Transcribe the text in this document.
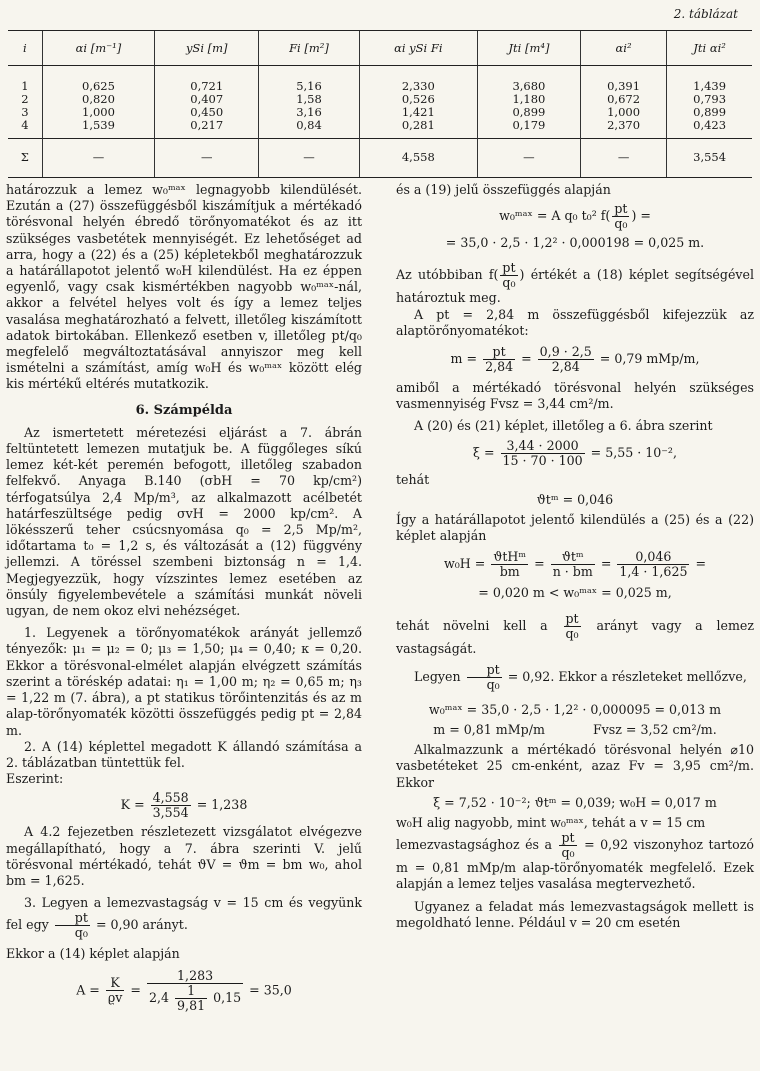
2. táblázat
i	αi [m⁻¹]	ySi [m]	Fi [m²]	αi ySi Fi	Jti [m⁴]	αi²	Jti αi²
1	0,625	0,721	5,16	2,330	3,680	0,391	1,439
2	0,820	0,407	1,58	0,526	1,180	0,672	0,793
3	1,000	0,450	3,16	1,421	0,899	1,000	0,899
4	1,539	0,217	0,84	0,281	0,179	2,370	0,423
Σ	—	—	—	4,558	—	—	3,554

határozzuk a lemez w₀ᵐᵃˣ legnagyobb kilendülését. Ezután a (27) összefüggésből kiszámítjuk a mértékadó törésvonal helyén ébredő törőnyomatékot és az itt szükséges vasbetétek mennyiségét. Ez lehetőséget ad arra, hogy a (22) és a (25) képletekből meghatározzuk a határállapotot jelentő w₀H kilendülést. Ha ez éppen egyenlő, vagy csak kismértékben nagyobb w₀ᵐᵃˣ-nál, akkor a felvétel helyes volt és így a lemez teljes vasalása meghatározható a felvett, illetőleg kiszámított adatok birtokában. Ellenkező esetben v, illetőleg pt/q₀ megfelelő megváltoztatásával annyiszor meg kell ismételni a számítást, amíg w₀H és w₀ᵐᵃˣ között elég kis mértékű eltérés mutatkozik.

6. Számpélda

Az ismertetett méretezési eljárást a 7. ábrán feltüntetett lemezen mutatjuk be. A függőleges síkú lemez két-két peremén befogott, illetőleg szabadon felfekvő. Anyaga B.140 (σbH = 70 kp/cm²) térfogatsúlya 2,4 Mp/m³, az alkalmazott acélbetét határfeszültsége pedig σvH = 2000 kp/cm². A lökésszerű teher csúcsnyomása q₀ = 2,5 Mp/m², időtartama t₀ = 1,2 s, és változását a (12) függvény jellemzi. A töréssel szembeni biztonság n = 1,4. Megjegyezzük, hogy vízszintes lemez esetében az önsúly figyelembevétele a számítási munkát növeli ugyan, de nem okoz elvi nehézséget.

1. Legyenek a törőnyomatékok arányát jellemző tényezők: μ₁ = μ₂ = 0; μ₃ = 1,50; μ₄ = 0,40; κ = 0,20. Ekkor a törésvonal-elmélet alapján elvégzett számítás szerint a töréskép adatai: η₁ = 1,00 m; η₂ = 0,65 m; η₃ = 1,22 m (7. ábra), a pt statikus törőintenzitás és az m alap-törőnyomaték közötti összefüggés pedig pt = 2,84 m.

2. A (14) képlettel megadott K állandó számítása a 2. táblázatban tüntettük fel.

Eszerint:

$K = \frac{4,558}{3,554} = 1,238$

A 4.2 fejezetben részletezett vizsgálatot elvégezve megállapítható, hogy a 7. ábra szerinti V. jelű törésvonal mértékadó, tehát ϑV = ϑm = bm w₀, ahol bm = 1,625.

3. Legyen a lemezvastagság v = 15 cm és vegyünk fel egy $\frac{pt}{\text{q₀}} = 0,90$ arányt.

Ekkor a (14) képlet alapján

$A = \frac{K}{ϱv} = \frac{1,283}{2,4 \frac{1}{9,81} 0,15} = 35,0$

és a (19) jelű összefüggés alapján

w₀ᵐᵃˣ = A q₀ t₀² $f( \frac{pt}{\text{q₀}}$ ) =
= 35,0 · 2,5 · 1,2² · 0,000198 = 0,025 m.

Az utóbbiban $f( \frac{pt}{\text{q₀}}$ ) értékét a (18) képlet segítségével határoztuk meg.

A pt = 2,84 m összefüggésből kifejezzük az alaptörőnyomatékot:

$m = \frac{pt}{2,84} = \frac{0,9 \cdot 2,5}{2,84} = 0,79$ mMp/m,

amiből a mértékadó törésvonal helyén szükséges vasmennyiség Fvsz = 3,44 cm²/m.

A (20) és (21) képlet, illetőleg a 6. ábra szerint

$\xi = \frac{3,44 \cdot 2000}{15 \cdot 70 \cdot 100} = 5,55 \cdot 10^{-2}$,

tehát

ϑtᵐ = 0,046

Így a határállapotot jelentő kilendülés a (25) és a (22) képlet alapján

$w_0H = \frac{\text{ϑtHᵐ}}{bm} = \frac{\text{ϑtᵐ}}{n \cdot bm} = \frac{0,046}{1,4 \cdot 1,625}$ =
= 0,020 m < w₀ᵐᵃˣ = 0,025 m,

tehát növelni kell a $\frac{pt}{\text{q₀}}$ arányt vagy a lemez vastagságát.

Legyen $\frac{pt}{\text{q₀}} = 0,92$. Ekkor a részleteket mellőzve,

w₀ᵐᵃˣ = 35,0 · 2,5 · 1,2² · 0,000095 = 0,013 m
m = 0,81 mMp/m	Fvsz = 3,52 cm²/m.

Alkalmazzunk a mértékadó törésvonal helyén ⌀10 vasbetéteket 25 cm-enként, azaz Fv = 3,95 cm²/m. Ekkor

ξ = 7,52 · 10⁻²; ϑtᵐ = 0,039; w₀H = 0,017 m

w₀H alig nagyobb, mint w₀ᵐᵃˣ, tehát a v = 15 cm

lemezvastagsághoz és a $\frac{pt}{\text{q₀}} = 0,92$ viszonyhoz tartozó m = 0,81 mMp/m alap-törőnyomaték megfelelő. Ezek alapján a lemez teljes vasalása megtervezhető.

Ugyanez a feladat más lemezvastagságok mellett is megoldható lenne. Például v = 20 cm esetén
